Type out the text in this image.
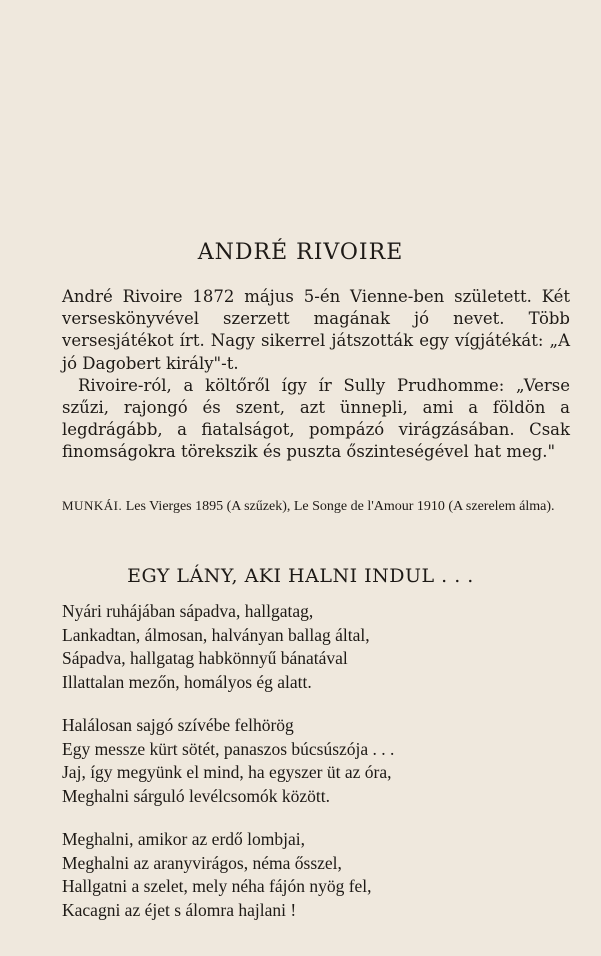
ANDRÉ RIVOIRE

André Rivoire 1872 május 5-én Vienne-ben született. Két verseskönyvével szerzett magának jó nevet. Több versesjátékot írt. Nagy sikerrel játszották egy vígjátékát: „A jó Dagobert király"-t.

Rivoire-ról, a költőről így ír Sully Prudhomme: „Verse szűzi, rajongó és szent, azt ünnepli, ami a földön a legdrágább, a fiatalságot, pompázó virágzásában. Csak finomságokra törekszik és puszta őszinteségével hat meg."

MUNKÁI. Les Vierges 1895 (A szűzek), Le Songe de l'Amour 1910 (A szerelem álma).
EGY LÁNY, AKI HALNI INDUL . . .
Nyári ruhájában sápadva, hallgatag,
Lankadtan, álmosan, halványan ballag által,
Sápadva, hallgatag habkönnyű bánatával
Illattalan mezőn, homályos ég alatt.
Halálosan sajgó szívébe felhörög
Egy messze kürt sötét, panaszos búcsúszója . . .
Jaj, így megyünk el mind, ha egyszer üt az óra,
Meghalni sárguló levélcsomók között.
Meghalni, amikor az erdő lombjai,
Meghalni az aranyvirágos, néma ősszel,
Hallgatni a szelet, mely néha fájón nyög fel,
Kacagni az éjet s álomra hajlani !
